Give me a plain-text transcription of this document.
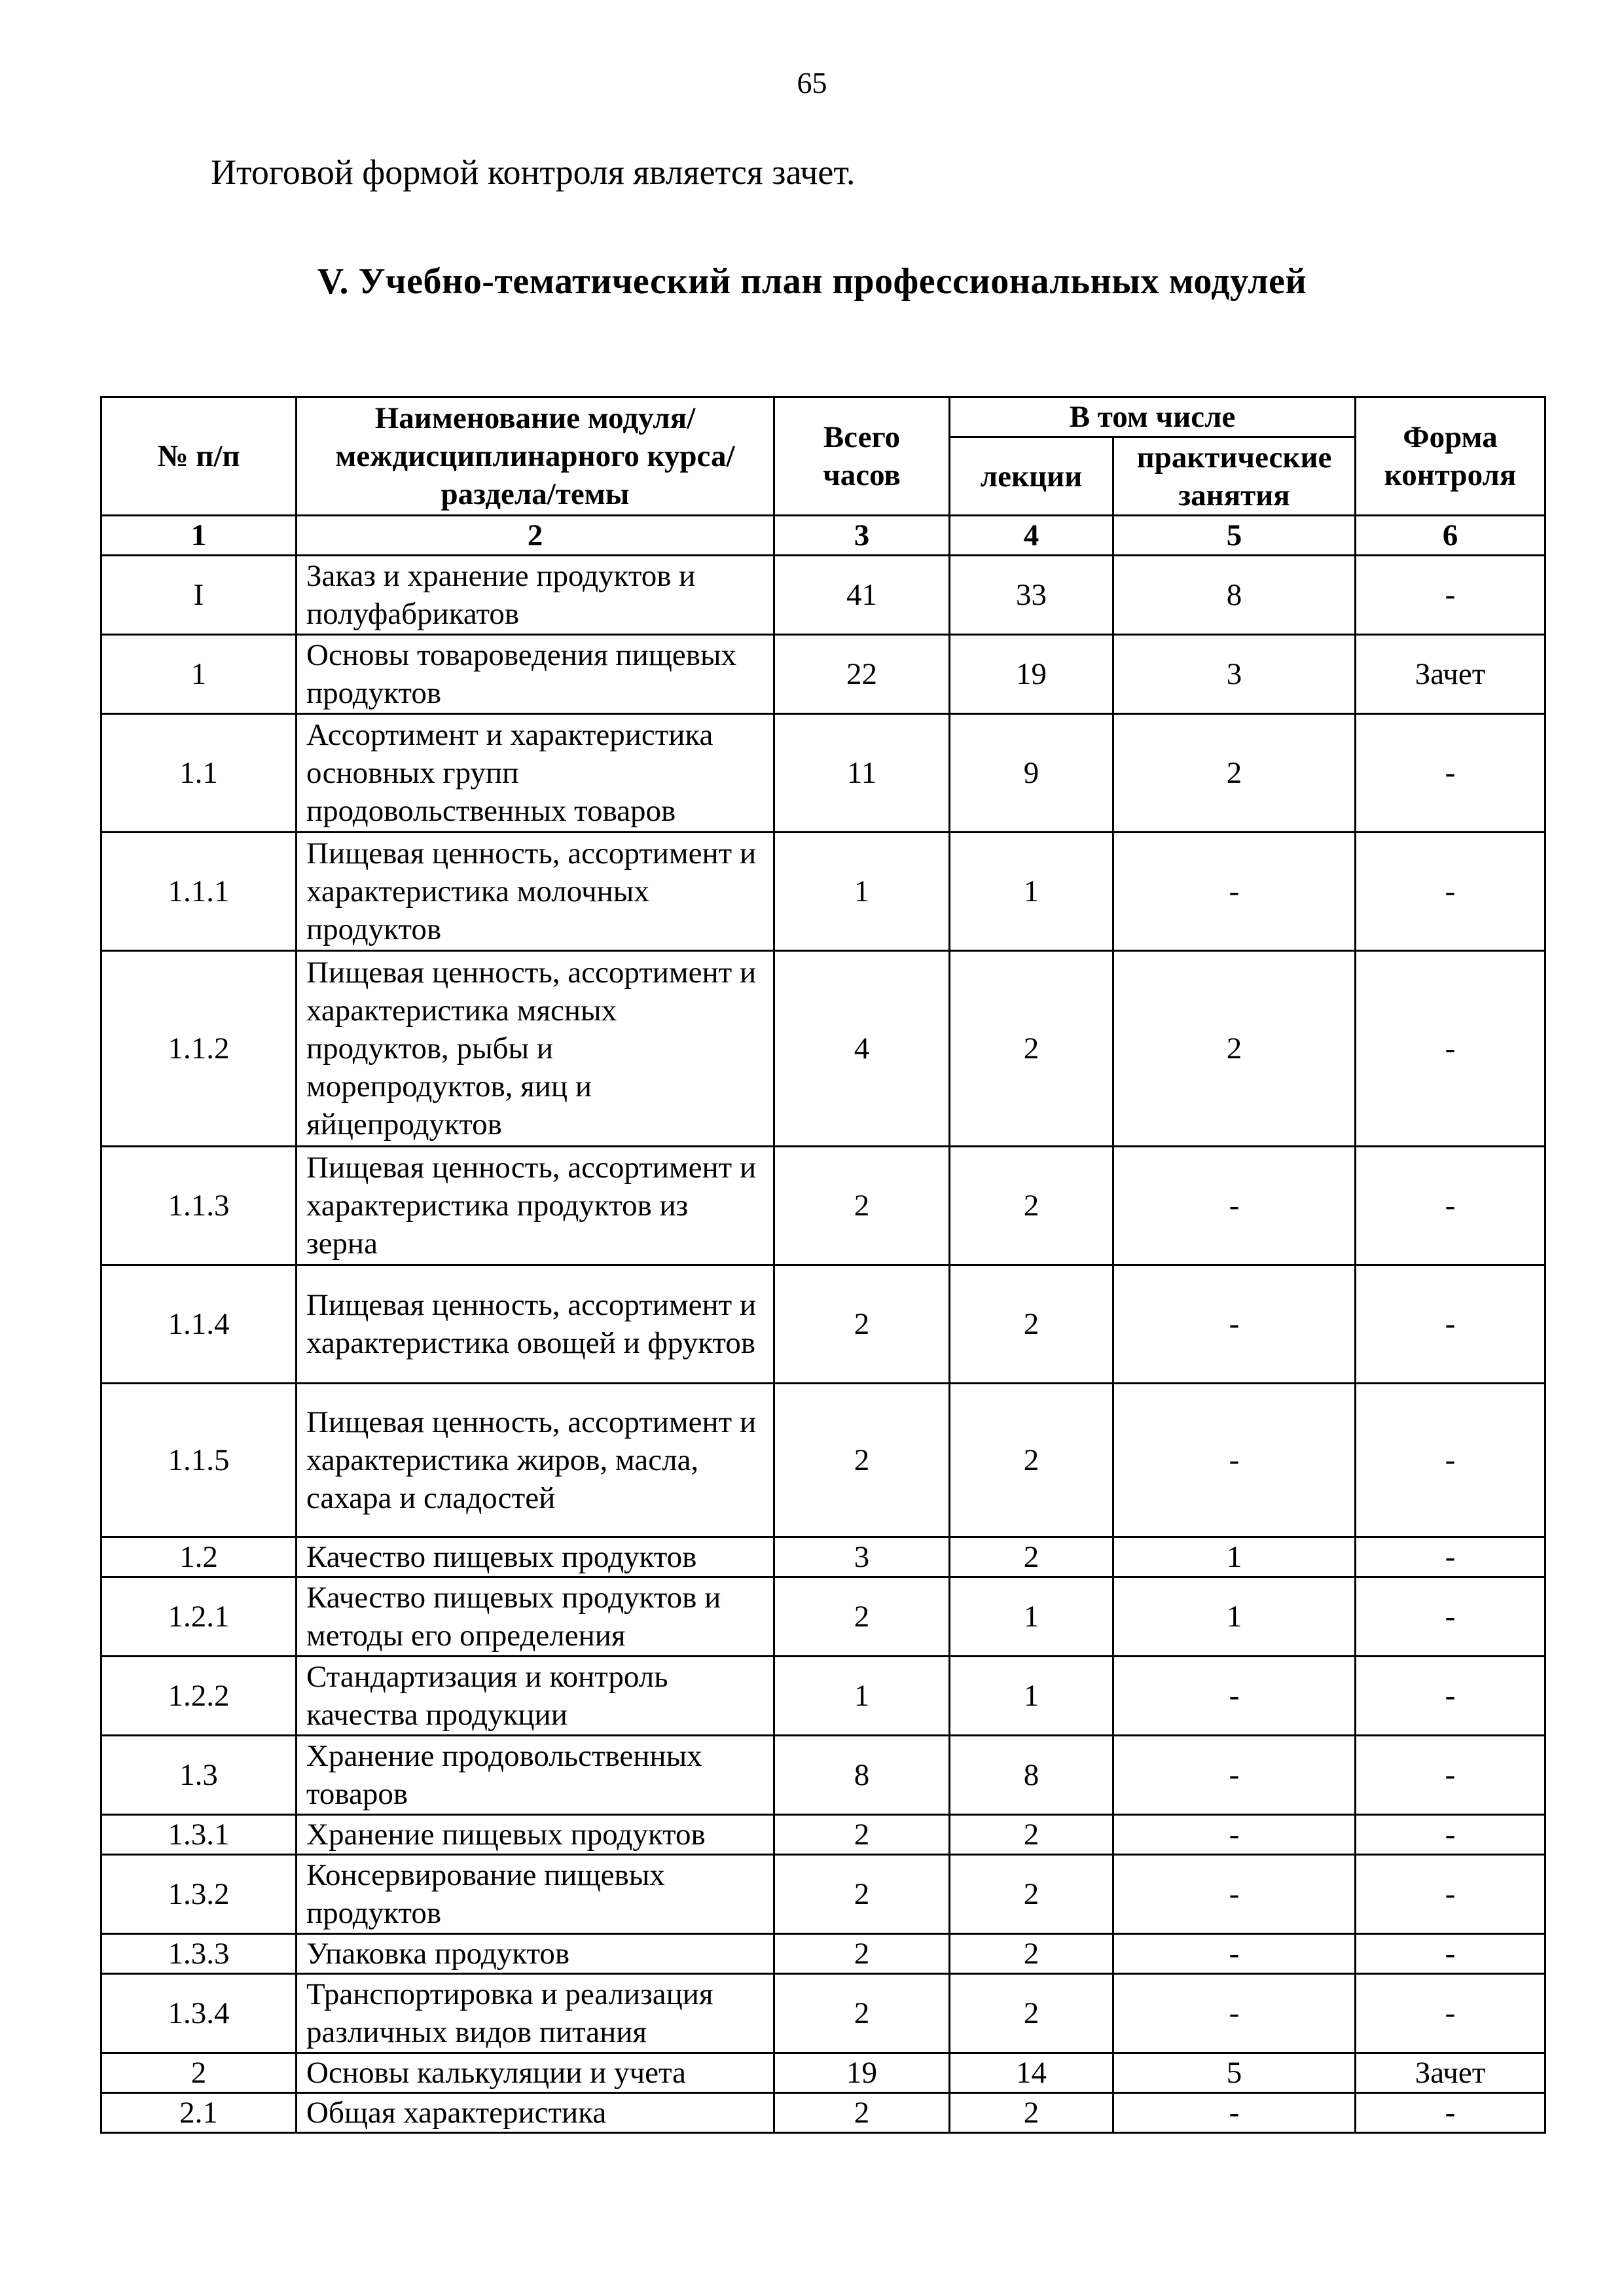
65
Итоговой формой контроля является зачет.
V. Учебно-тематический план профессиональных модулей
№ п/п	Наименование модуля/междисциплинарного курса/раздела/темы	Всего часов	В том числе		Форма контроля
			лекции	практические занятия	
1	2	3	4	5	6
I	Заказ и хранение продуктов и полуфабрикатов	41	33	8	-
1	Основы товароведения пищевых продуктов	22	19	3	Зачет
1.1	Ассортимент и характеристика основных групп продовольственных товаров	11	9	2	-
1.1.1	Пищевая ценность, ассортимент и характеристика молочных продуктов	1	1	-	-
1.1.2	Пищевая ценность, ассортимент и характеристика мясных продуктов, рыбы и морепродуктов, яиц и яйцепродуктов	4	2	2	-
1.1.3	Пищевая ценность, ассортимент и характеристика продуктов из зерна	2	2	-	-
1.1.4	Пищевая ценность, ассортимент и характеристика овощей и фруктов	2	2	-	-
1.1.5	Пищевая ценность, ассортимент и характеристика жиров, масла, сахара и сладостей	2	2	-	-
1.2	Качество пищевых продуктов	3	2	1	-
1.2.1	Качество пищевых продуктов и методы его определения	2	1	1	-
1.2.2	Стандартизация и контроль качества продукции	1	1	-	-
1.3	Хранение продовольственных товаров	8	8	-	-
1.3.1	Хранение пищевых продуктов	2	2	-	-
1.3.2	Консервирование пищевых продуктов	2	2	-	-
1.3.3	Упаковка продуктов	2	2	-	-
1.3.4	Транспортировка и реализация различных видов питания	2	2	-	-
2	Основы калькуляции и учета	19	14	5	Зачет
2.1	Общая характеристика	2	2	-	-
